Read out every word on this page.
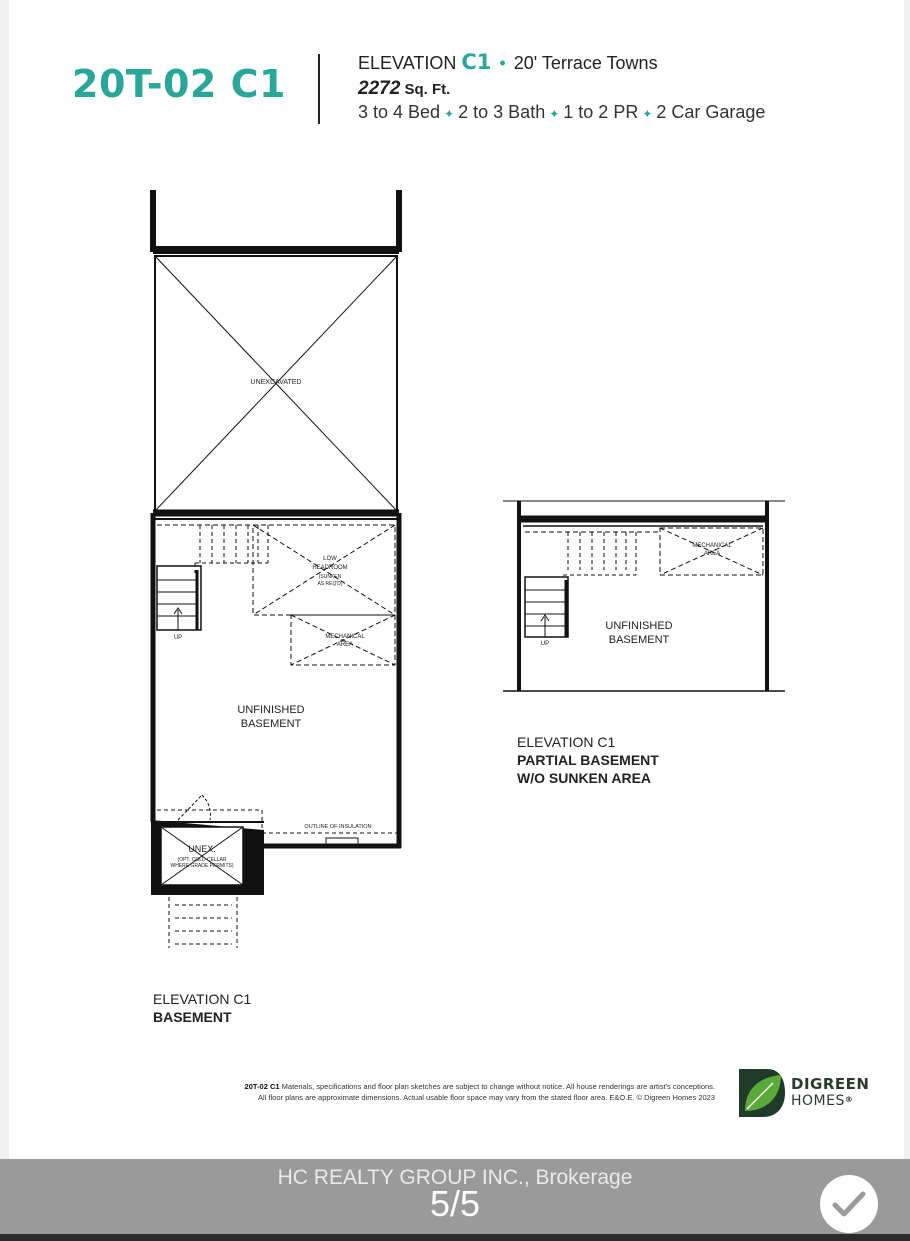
20T-02 C1	ELEVATION C1 • 20' Terrace Towns
2272 Sq. Ft.
3 to 4 Bed ✦ 2 to 3 Bath ✦ 1 to 2 PR ✦ 2 Car Garage
UNEXCAVATED
LOW
HEADROOM
(SUNKEN
AS REQ'D)
MECHANICAL
AREA
UNFINISHED
BASEMENT
UP
OUTLINE OF INSULATION
UNEX.
(OPT. COLD CELLAR
WHERE GRADE PERMITS)
MECHANICAL
AREA
UNFINISHED
BASEMENT
UP
ELEVATION C1
PARTIAL BASEMENT
W/O SUNKEN AREA
ELEVATION C1
BASEMENT
20T-02 C1 Materials, specifications and floor plan sketches are subject to change without notice. All house renderings are artist's conceptions.
All floor plans are approximate dimensions. Actual usable floor space may vary from the stated floor area. E&O.E. © Digreen Homes 2023
DIGREEN
HOMES®
HC REALTY GROUP INC., Brokerage
5/5
